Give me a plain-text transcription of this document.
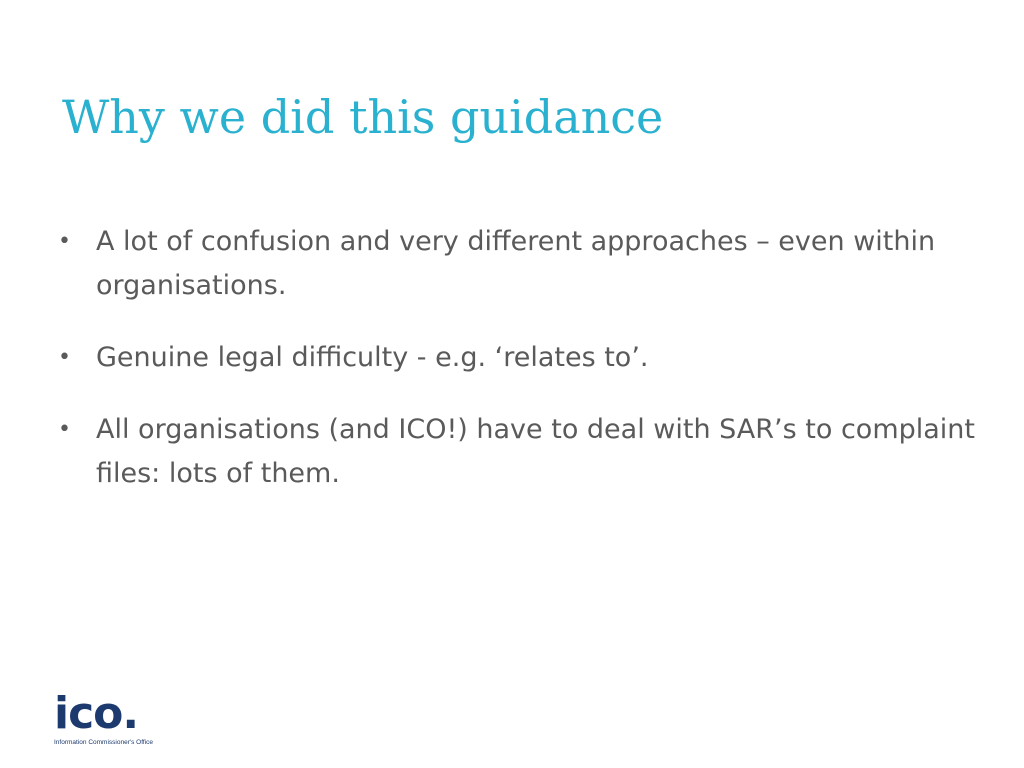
Why we did this guidance
• A lot of confusion and very different approaches – even within organisations.
• Genuine legal difficulty - e.g. ‘relates to’.
• All organisations (and ICO!) have to deal with SAR’s to complaint files: lots of them.
ico.
Information Commissioner's Office
